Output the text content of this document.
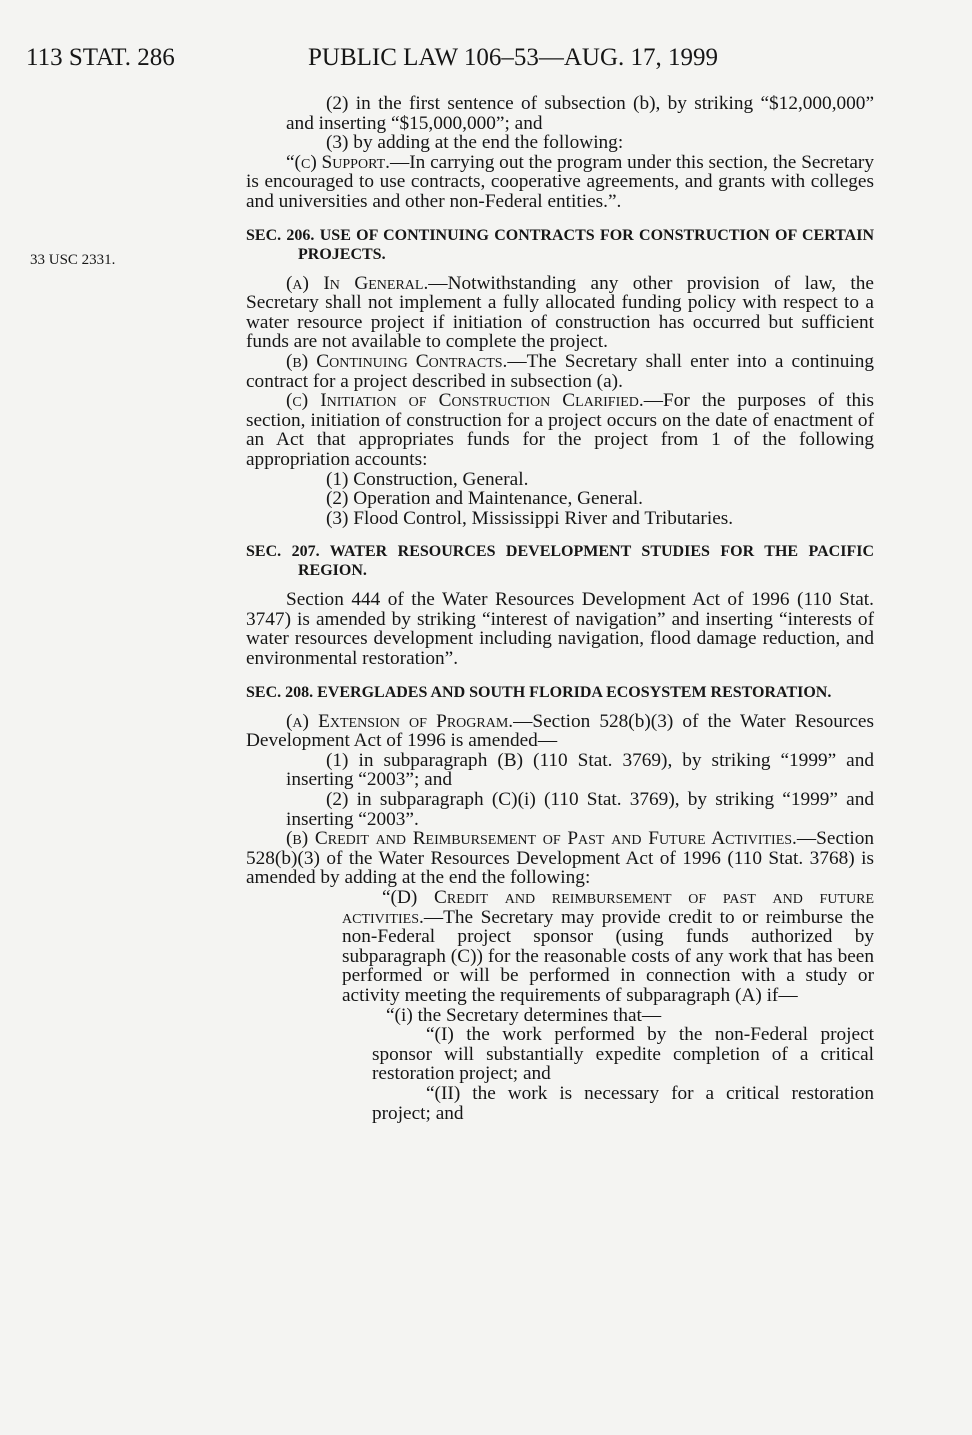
113 STAT. 286	PUBLIC LAW 106–53—AUG. 17, 1999
33 USC 2331.

(2) in the first sentence of subsection (b), by striking “$12,000,000” and inserting “$15,000,000”; and

(3) by adding at the end the following:

“(c) Support.—In carrying out the program under this section, the Secretary is encouraged to use contracts, cooperative agreements, and grants with colleges and universities and other non-Federal entities.”.

SEC. 206. USE OF CONTINUING CONTRACTS FOR CONSTRUCTION OF CERTAIN PROJECTS.

(a) In General.—Notwithstanding any other provision of law, the Secretary shall not implement a fully allocated funding policy with respect to a water resource project if initiation of construction has occurred but sufficient funds are not available to complete the project.

(b) Continuing Contracts.—The Secretary shall enter into a continuing contract for a project described in subsection (a).

(c) Initiation of Construction Clarified.—For the purposes of this section, initiation of construction for a project occurs on the date of enactment of an Act that appropriates funds for the project from 1 of the following appropriation accounts:

(1) Construction, General.

(2) Operation and Maintenance, General.

(3) Flood Control, Mississippi River and Tributaries.

SEC. 207. WATER RESOURCES DEVELOPMENT STUDIES FOR THE PACIFIC REGION.

Section 444 of the Water Resources Development Act of 1996 (110 Stat. 3747) is amended by striking “interest of navigation” and inserting “interests of water resources development including navigation, flood damage reduction, and environmental restoration”.

SEC. 208. EVERGLADES AND SOUTH FLORIDA ECOSYSTEM RESTORATION.

(a) Extension of Program.—Section 528(b)(3) of the Water Resources Development Act of 1996 is amended—

(1) in subparagraph (B) (110 Stat. 3769), by striking “1999” and inserting “2003”; and

(2) in subparagraph (C)(i) (110 Stat. 3769), by striking “1999” and inserting “2003”.

(b) Credit and Reimbursement of Past and Future Activities.—Section 528(b)(3) of the Water Resources Development Act of 1996 (110 Stat. 3768) is amended by adding at the end the following:

“(D) Credit and reimbursement of past and future activities.—The Secretary may provide credit to or reimburse the non-Federal project sponsor (using funds authorized by subparagraph (C)) for the reasonable costs of any work that has been performed or will be performed in connection with a study or activity meeting the requirements of subparagraph (A) if—

“(i) the Secretary determines that—

“(I) the work performed by the non-Federal project sponsor will substantially expedite completion of a critical restoration project; and

“(II) the work is necessary for a critical restoration project; and
